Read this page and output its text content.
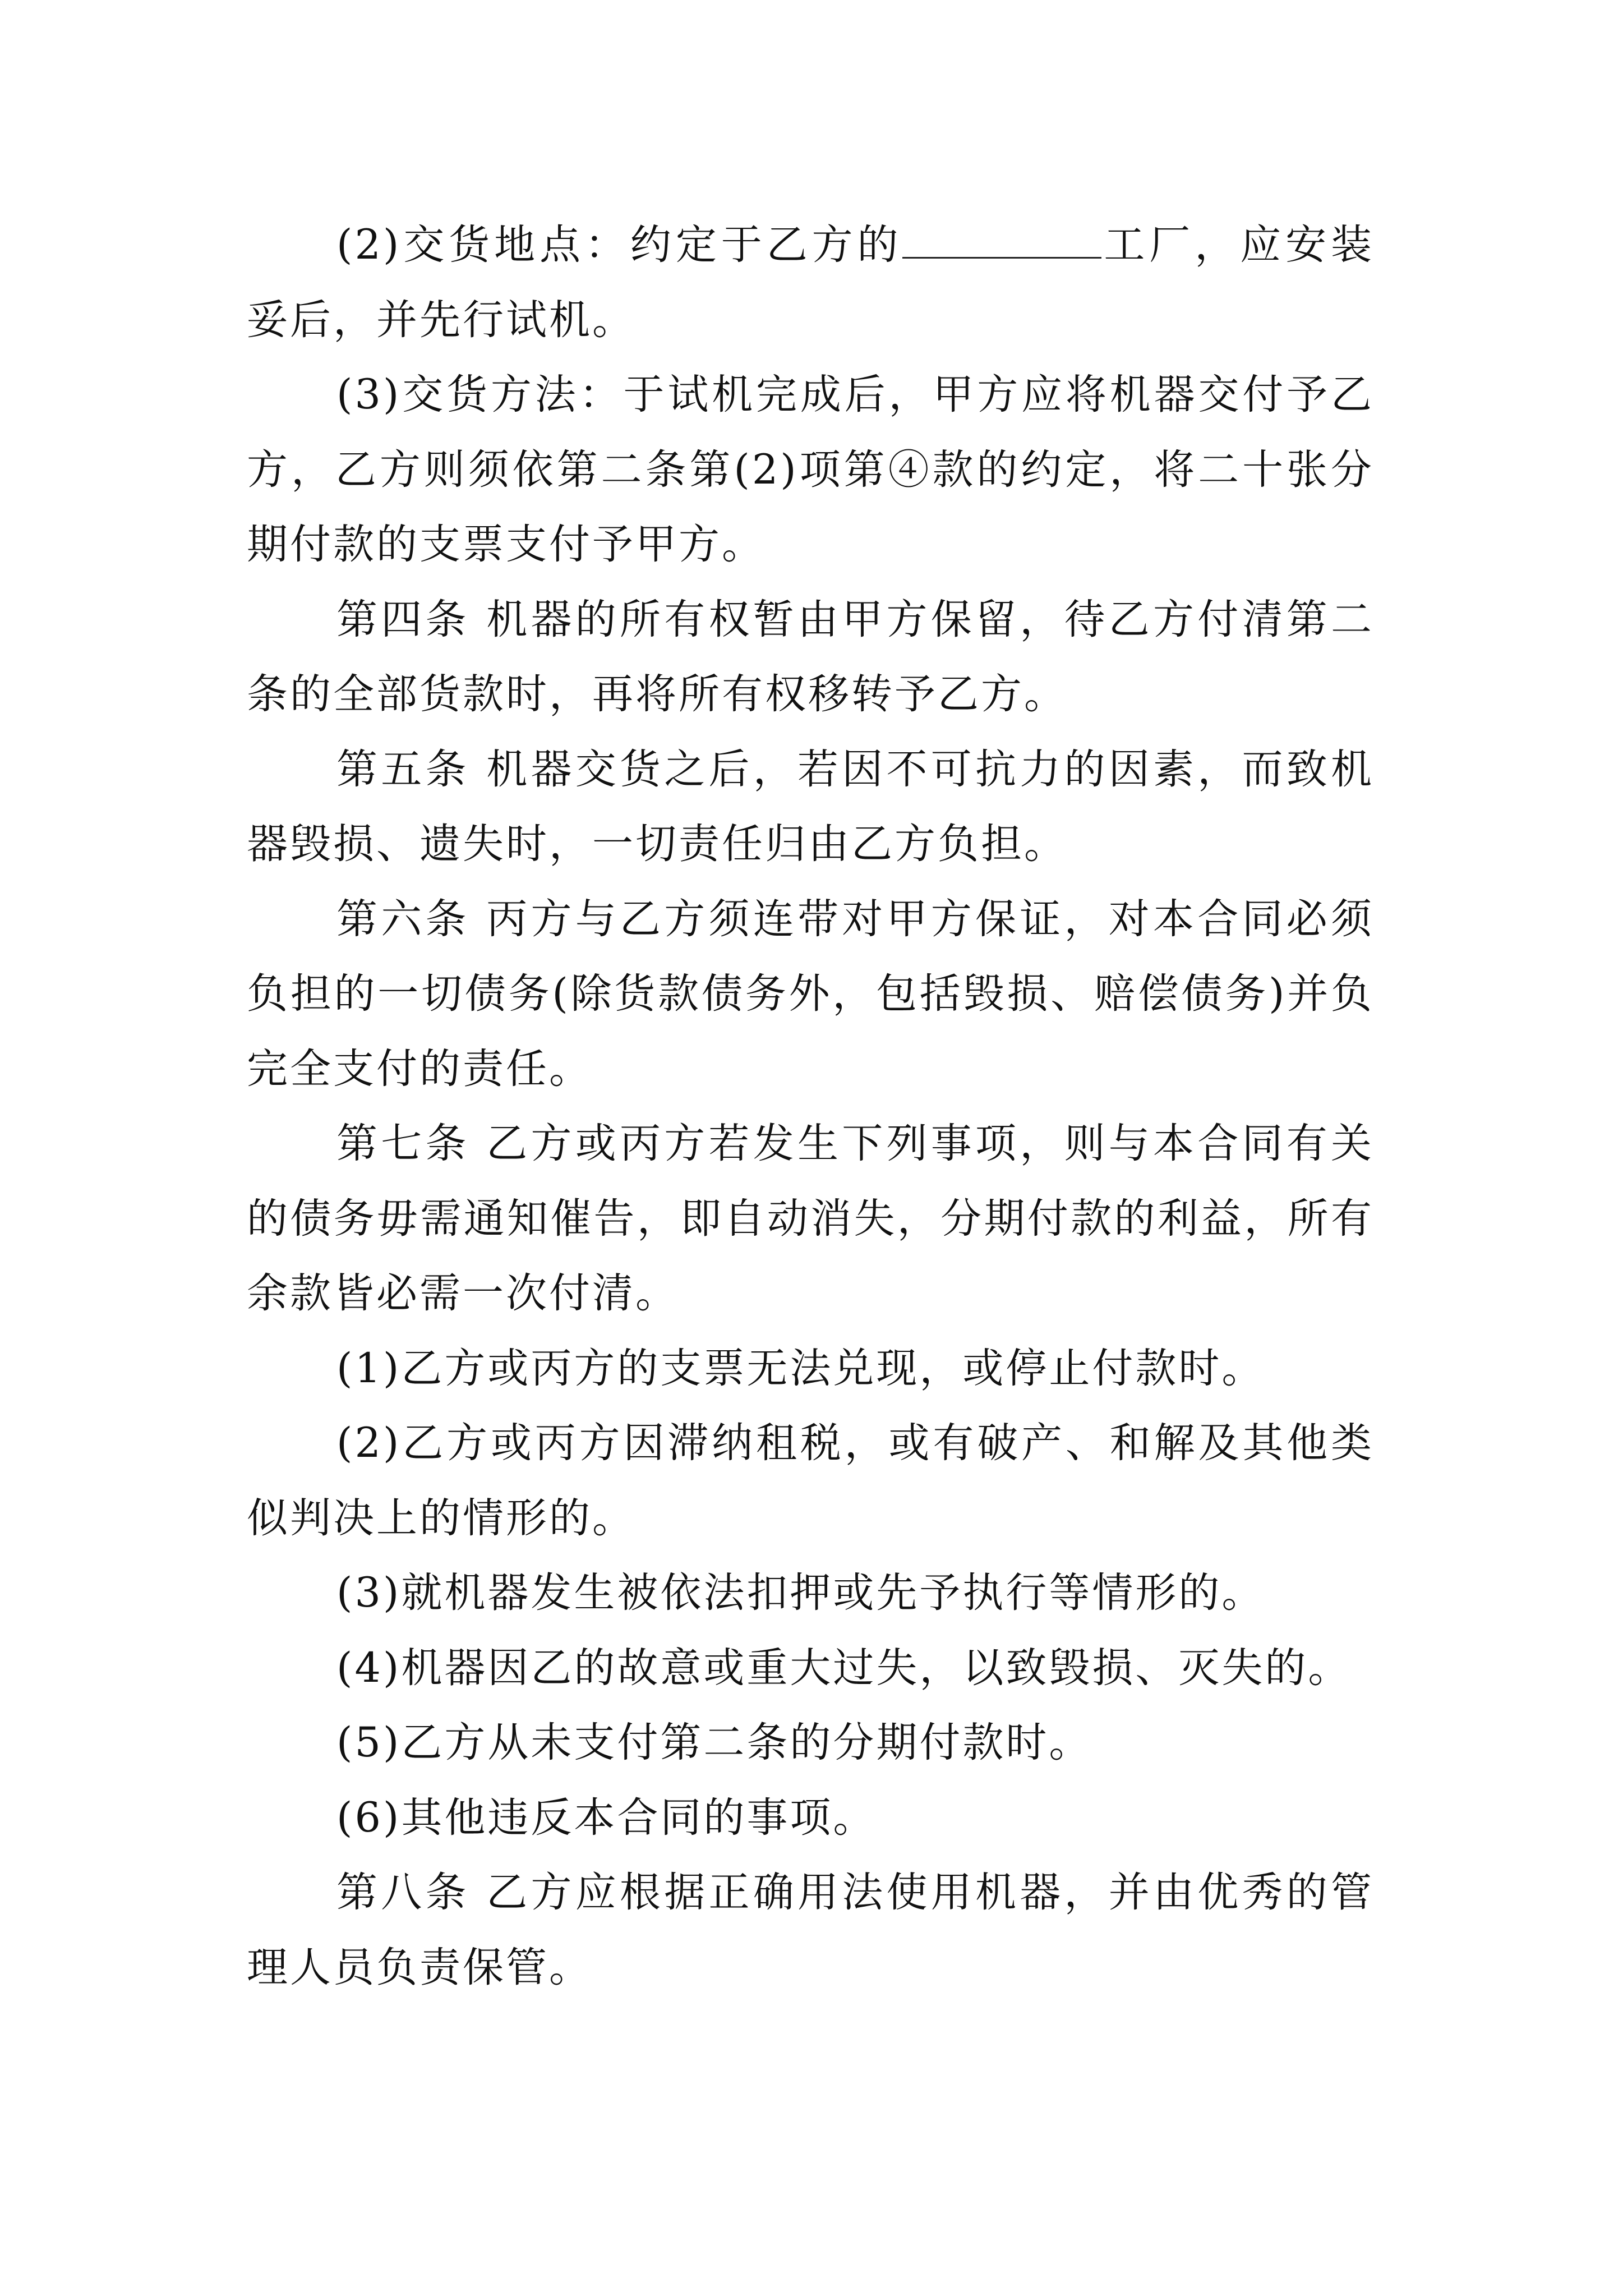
(2)交货地点：约定于乙方的	工厂，应安装妥后，并先行试机。

(3)交货方法：于试机完成后，甲方应将机器交付予乙方，乙方则须依第二条第(2)项第④款的约定，将二十张分期付款的支票支付予甲方。

第四条 机器的所有权暂由甲方保留，待乙方付清第二条的全部货款时，再将所有权移转予乙方。

第五条 机器交货之后，若因不可抗力的因素，而致机器毁损、遗失时，一切责任归由乙方负担。

第六条 丙方与乙方须连带对甲方保证，对本合同必须负担的一切债务(除货款债务外，包括毁损、赔偿债务)并负完全支付的责任。

第七条 乙方或丙方若发生下列事项，则与本合同有关的债务毋需通知催告，即自动消失，分期付款的利益，所有余款皆必需一次付清。

(1)乙方或丙方的支票无法兑现，或停止付款时。

(2)乙方或丙方因滞纳租税，或有破产、和解及其他类似判决上的情形的。

(3)就机器发生被依法扣押或先予执行等情形的。

(4)机器因乙的故意或重大过失，以致毁损、灭失的。

(5)乙方从未支付第二条的分期付款时。

(6)其他违反本合同的事项。

第八条 乙方应根据正确用法使用机器，并由优秀的管理人员负责保管。
